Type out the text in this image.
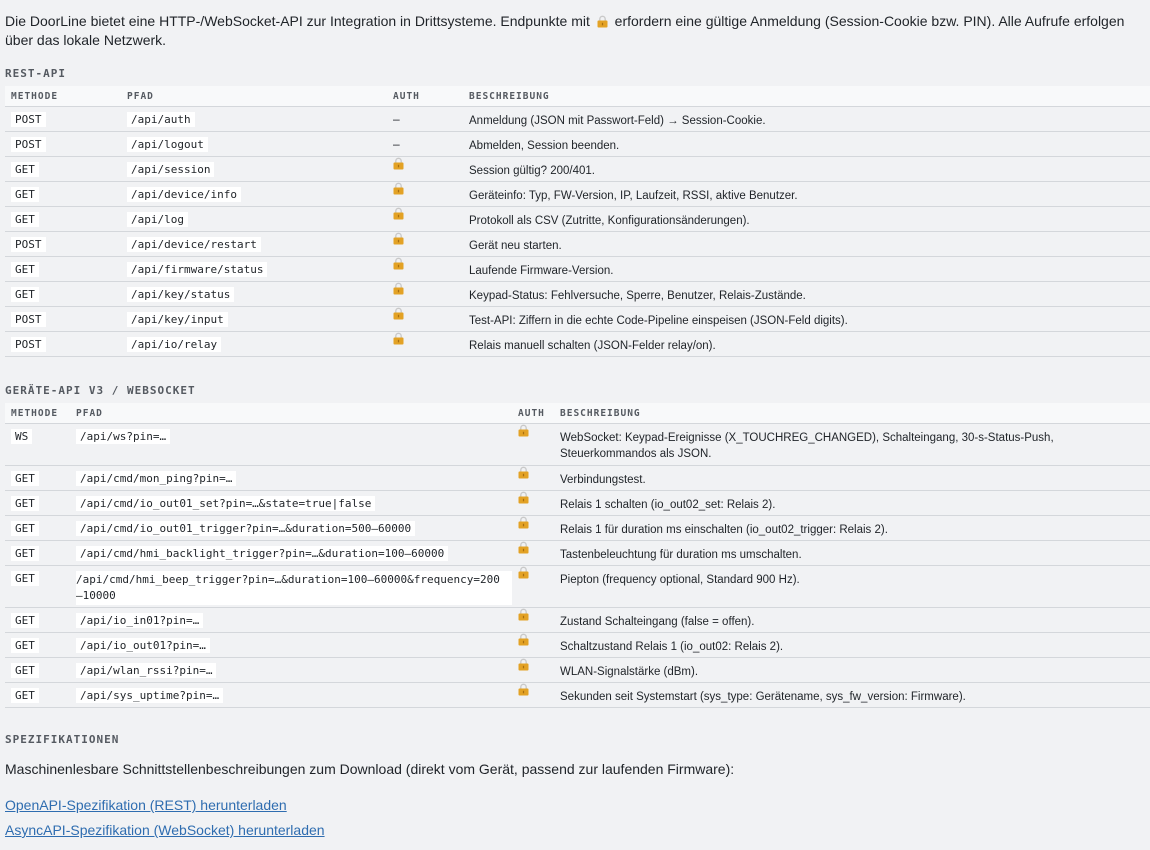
Die DoorLine bietet eine HTTP-/WebSocket-API zur Integration in Drittsysteme. Endpunkte mit erfordern eine gültige Anmeldung (Session-Cookie bzw. PIN). Alle Aufrufe erfolgen über das lokale Netzwerk.
REST-API
METHODE	PFAD	AUTH	BESCHREIBUNG
POST	/api/auth	–	Anmeldung (JSON mit Passwort-Feld) → Session-Cookie.

POST	/api/logout	–	Abmelden, Session beenden.

GET	/api/session		Session gültig? 200/401.

GET	/api/device/info		Geräteinfo: Typ, FW-Version, IP, Laufzeit, RSSI, aktive Benutzer.

GET	/api/log		Protokoll als CSV (Zutritte, Konfigurationsänderungen).

POST	/api/device/restart		Gerät neu starten.

GET	/api/firmware/status		Laufende Firmware-Version.

GET	/api/key/status		Keypad-Status: Fehlversuche, Sperre, Benutzer, Relais-Zustände.

POST	/api/key/input		Test-API: Ziffern in die echte Code-Pipeline einspeisen (JSON-Feld digits).

POST	/api/io/relay		Relais manuell schalten (JSON-Felder relay/on).
GERÄTE-API V3 / WEBSOCKET
METHODE	PFAD	AUTH	BESCHREIBUNG
WS	/api/ws?pin=…		WebSocket: Keypad-Ereignisse (X_TOUCHREG_CHANGED), Schalteingang, 30-s-Status-Push, Steuerkommandos als JSON.

GET	/api/cmd/mon_ping?pin=…		Verbindungstest.

GET	/api/cmd/io_out01_set?pin=…&state=true|false		Relais 1 schalten (io_out02_set: Relais 2).

GET	/api/cmd/io_out01_trigger?pin=…&duration=500–60000		Relais 1 für duration ms einschalten (io_out02_trigger: Relais 2).

GET	/api/cmd/hmi_backlight_trigger?pin=…&duration=100–60000		Tastenbeleuchtung für duration ms umschalten.

GET	/api/cmd/hmi_beep_trigger?pin=…&duration=100–60000&frequency=200–10000		Piepton (frequency optional, Standard 900 Hz).

GET	/api/io_in01?pin=…		Zustand Schalteingang (false = offen).

GET	/api/io_out01?pin=…		Schaltzustand Relais 1 (io_out02: Relais 2).

GET	/api/wlan_rssi?pin=…		WLAN-Signalstärke (dBm).

GET	/api/sys_uptime?pin=…		Sekunden seit Systemstart (sys_type: Gerätename, sys_fw_version: Firmware).
SPEZIFIKATIONEN
Maschinenlesbare Schnittstellenbeschreibungen zum Download (direkt vom Gerät, passend zur laufenden Firmware):
OpenAPI-Spezifikation (REST) herunterladen
AsyncAPI-Spezifikation (WebSocket) herunterladen
